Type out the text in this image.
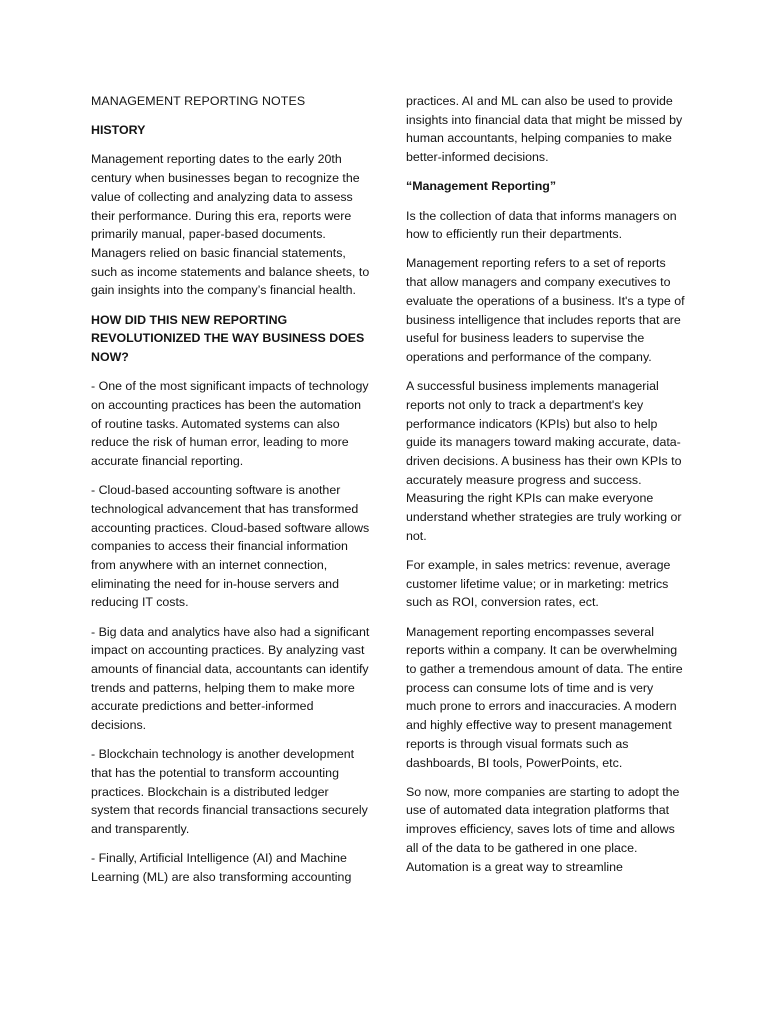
MANAGEMENT REPORTING NOTES

HISTORY

Management reporting dates to the early 20th century when businesses began to recognize the value of collecting and analyzing data to assess their performance. During this era, reports were primarily manual, paper-based documents. Managers relied on basic financial statements, such as income statements and balance sheets, to gain insights into the company’s financial health.

HOW DID THIS NEW REPORTING REVOLUTIONIZED THE WAY BUSINESS DOES NOW?

- One of the most significant impacts of technology on accounting practices has been the automation of routine tasks. Automated systems can also reduce the risk of human error, leading to more accurate financial reporting.

- Cloud-based accounting software is another technological advancement that has transformed accounting practices. Cloud-based software allows companies to access their financial information from anywhere with an internet connection, eliminating the need for in-house servers and reducing IT costs.

- Big data and analytics have also had a significant impact on accounting practices. By analyzing vast amounts of financial data, accountants can identify trends and patterns, helping them to make more accurate predictions and better-informed decisions.

- Blockchain technology is another development that has the potential to transform accounting practices. Blockchain is a distributed ledger system that records financial transactions securely and transparently.

- Finally, Artificial Intelligence (AI) and Machine Learning (ML) are also transforming accounting

practices. AI and ML can also be used to provide insights into financial data that might be missed by human accountants, helping companies to make better-informed decisions.

“Management Reporting”

Is the collection of data that informs managers on how to efficiently run their departments.

Management reporting refers to a set of reports that allow managers and company executives to evaluate the operations of a business. It's a type of business intelligence that includes reports that are useful for business leaders to supervise the operations and performance of the company.

A successful business implements managerial reports not only to track a department's key performance indicators (KPIs) but also to help guide its managers toward making accurate, data-driven decisions. A business has their own KPIs to accurately measure progress and success. Measuring the right KPIs can make everyone understand whether strategies are truly working or not.

For example, in sales metrics: revenue, average customer lifetime value; or in marketing: metrics such as ROI, conversion rates, ect.

Management reporting encompasses several reports within a company. It can be overwhelming to gather a tremendous amount of data. The entire process can consume lots of time and is very much prone to errors and inaccuracies. A modern and highly effective way to present management reports is through visual formats such as dashboards, BI tools, PowerPoints, etc.

So now, more companies are starting to adopt the use of automated data integration platforms that improves efficiency, saves lots of time and allows all of the data to be gathered in one place. Automation is a great way to streamline
